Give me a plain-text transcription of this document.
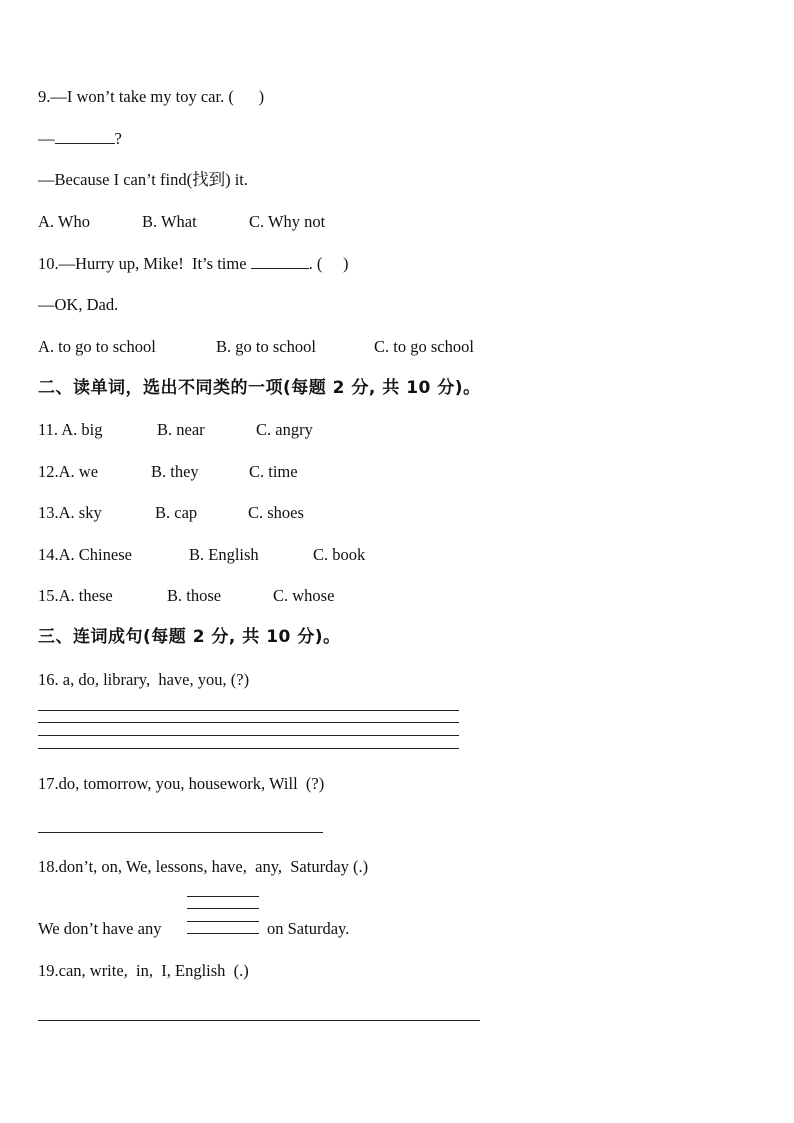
9.—I won’t take my toy car. (      )
—	?
—Because I can’t find(找到) it.
A. Who	B. What	C. Why not
10.—Hurry up, Mike!  It’s time	. (     )
—OK, Dad.
A. to go to school	B. go to school	C. to go school
二、读单词，选出不同类的一项(每题 2 分, 共 10 分)。
11. A. big	B. near	C. angry
12.A. we	B. they	C. time
13.A. sky	B. cap	C. shoes
14.A. Chinese	B. English	C. book
15.A. these	B. those	C. whose
三、连词成句(每题 2 分, 共 10 分)。
16. a, do, library,  have, you, (?)
17.do, tomorrow, you, housework, Will  (?)
18.don’t, on, We, lessons, have,  any,  Saturday (.)
We don’t have any	on Saturday.
19.can, write,  in,  I, English  (.)
